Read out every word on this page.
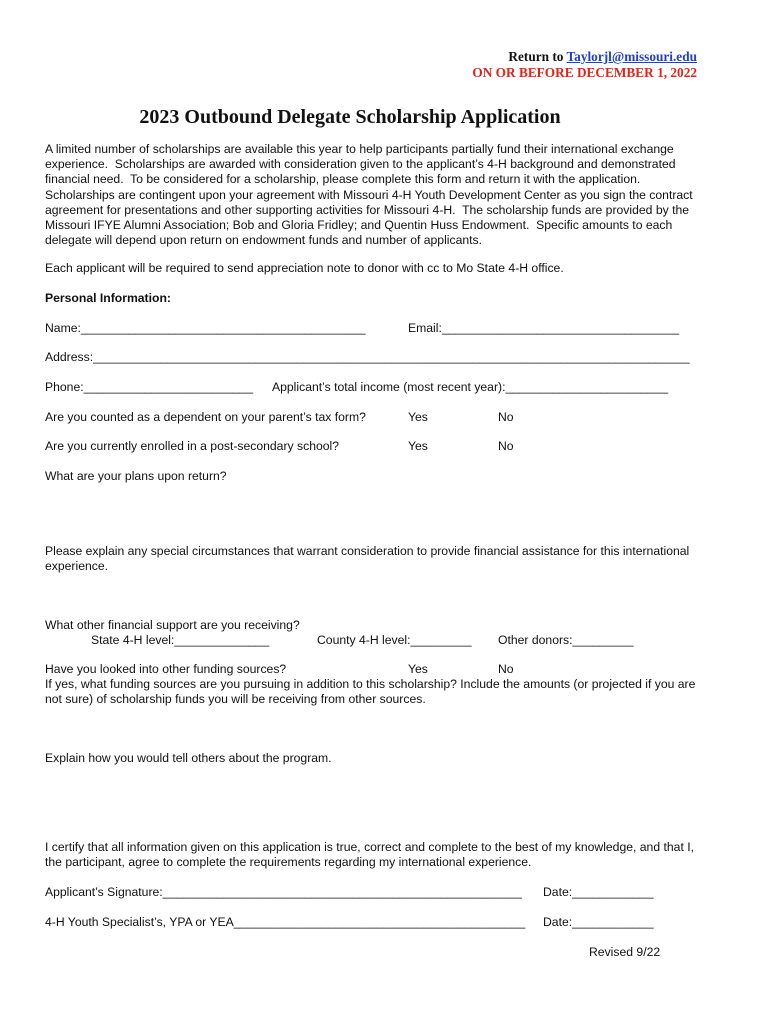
Return to Taylorjl@missouri.edu
ON OR BEFORE DECEMBER 1, 2022
2023 Outbound Delegate Scholarship Application
A limited number of scholarships are available this year to help participants partially fund their international exchange
experience.  Scholarships are awarded with consideration given to the applicant’s 4-H background and demonstrated
financial need.  To be considered for a scholarship, please complete this form and return it with the application.
Scholarships are contingent upon your agreement with Missouri 4-H Youth Development Center as you sign the contract
agreement for presentations and other supporting activities for Missouri 4-H.  The scholarship funds are provided by the
Missouri IFYE Alumni Association; Bob and Gloria Fridley; and Quentin Huss Endowment.  Specific amounts to each
delegate will depend upon return on endowment funds and number of applicants.
Each applicant will be required to send appreciation note to donor with cc to Mo State 4-H office.
Personal Information:
Name:__________________________________________	Email:___________________________________
Address:________________________________________________________________________________________
Phone:_________________________ Applicant’s total income (most recent year):________________________
Are you counted as a dependent on your parent’s tax form?	Yes	No
Are you currently enrolled in a post-secondary school?	Yes	No
What are your plans upon return?
Please explain any special circumstances that warrant consideration to provide financial assistance for this international
experience.
What other financial support are you receiving?
State 4-H level:______________	County 4-H level:_________ Other donors:_________
Have you looked into other funding sources?	Yes	No
If yes, what funding sources are you pursuing in addition to this scholarship? Include the amounts (or projected if you are
not sure) of scholarship funds you will be receiving from other sources.
Explain how you would tell others about the program.
I certify that all information given on this application is true, correct and complete to the best of my knowledge, and that I,
the participant, agree to complete the requirements regarding my international experience.
Applicant’s Signature:_____________________________________________________ Date:____________
4-H Youth Specialist’s, YPA or YEA___________________________________________ Date:____________
Revised 9/22
